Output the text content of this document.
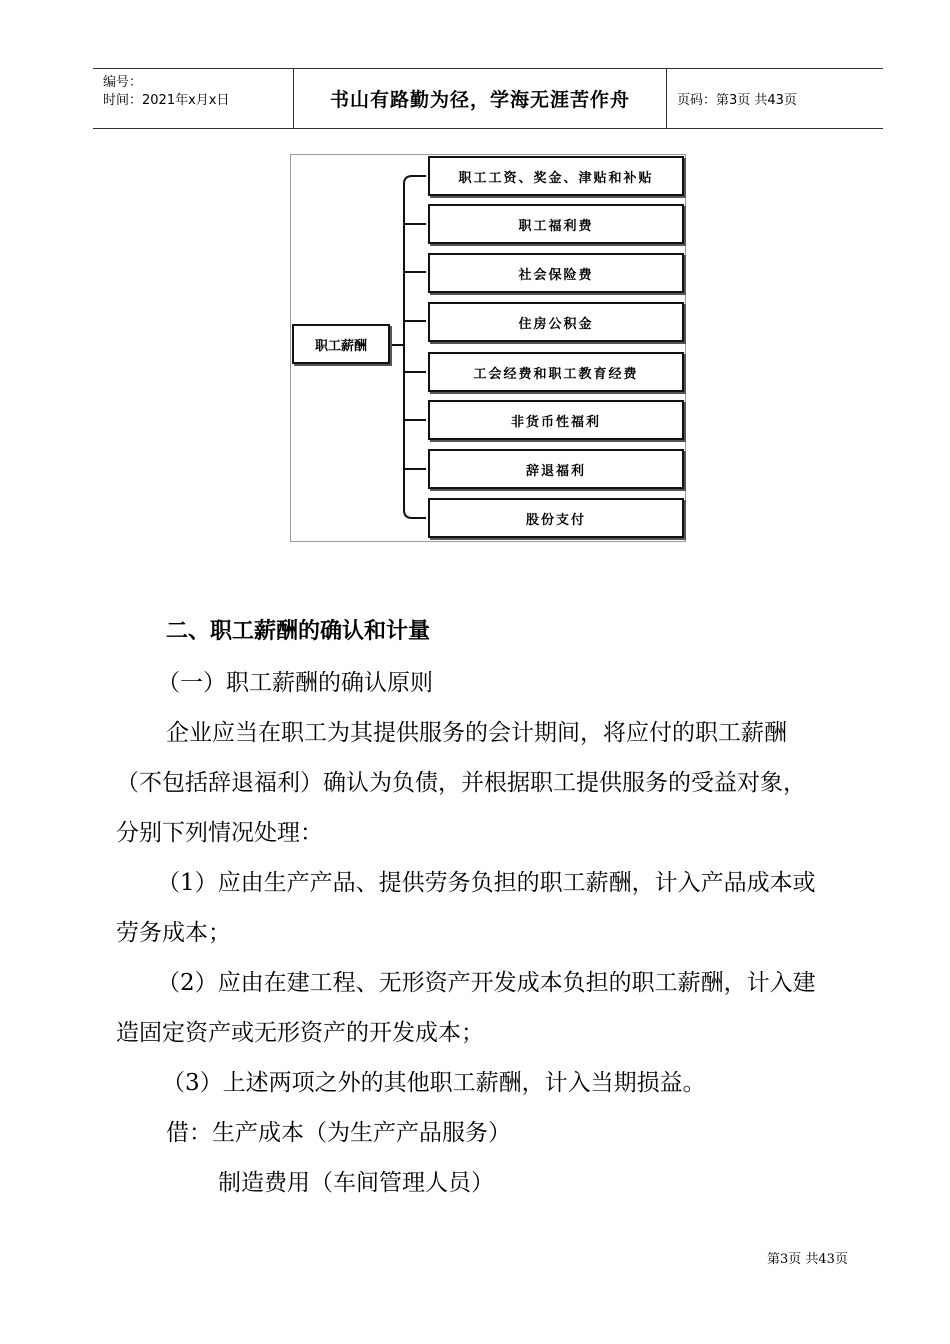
编号：
时间：2021年x月x日	书山有路勤为径，学海无涯苦作舟	页码：第3页 共43页
职工薪酬
职工工资、奖金、津贴和补贴
职工福利费
社会保险费
住房公积金
工会经费和职工教育经费
非货币性福利
辞退福利
股份支付
二、职工薪酬的确认和计量
（一）职工薪酬的确认原则
企业应当在职工为其提供服务的会计期间，将应付的职工薪酬
（不包括辞退福利）确认为负债，并根据职工提供服务的受益对象，
分别下列情况处理：
（1）应由生产产品、提供劳务负担的职工薪酬，计入产品成本或
劳务成本；
（2）应由在建工程、无形资产开发成本负担的职工薪酬，计入建
造固定资产或无形资产的开发成本；
（3）上述两项之外的其他职工薪酬，计入当期损益。
借：生产成本（为生产产品服务）
制造费用（车间管理人员）
第3页 共43页
